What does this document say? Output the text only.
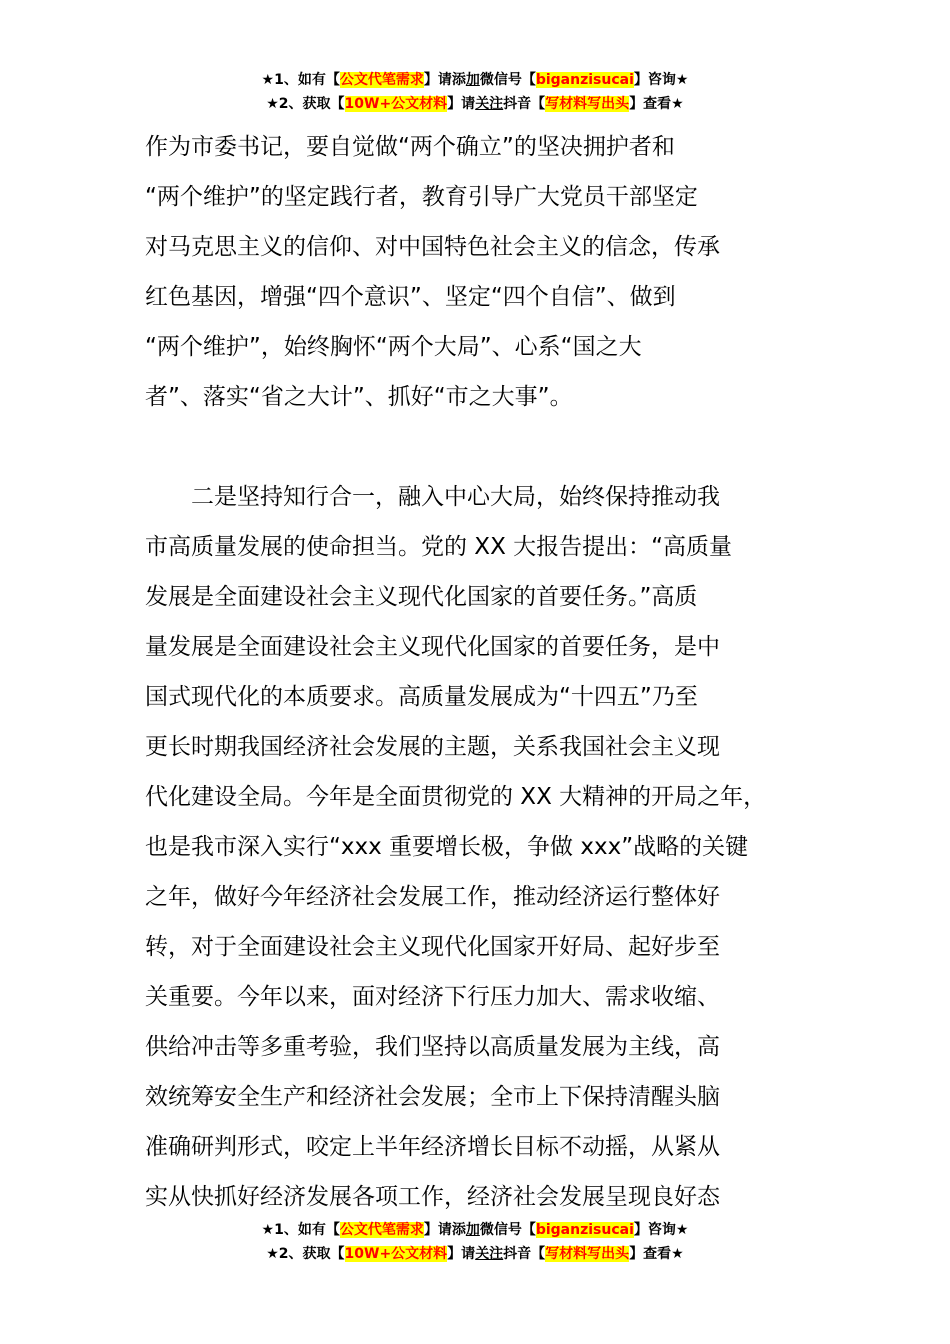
★1、如有【公文代笔需求】请添加微信号【biganzisucai】咨询★
★2、获取【10W+公文材料】请关注抖音【写材料写出头】查看★
作为市委书记，要自觉做“两个确立”的坚决拥护者和
“两个维护”的坚定践行者，教育引导广大党员干部坚定
对马克思主义的信仰、对中国特色社会主义的信念，传承
红色基因，增强“四个意识”、坚定“四个自信”、做到
“两个维护”，始终胸怀“两个大局”、心系“国之大
者”、落实“省之大计”、抓好“市之大事”。
　　二是坚持知行合一，融入中心大局，始终保持推动我
市高质量发展的使命担当。党的 XX 大报告提出：“高质量
发展是全面建设社会主义现代化国家的首要任务。”高质
量发展是全面建设社会主义现代化国家的首要任务，是中
国式现代化的本质要求。高质量发展成为“十四五”乃至
更长时期我国经济社会发展的主题，关系我国社会主义现
代化建设全局。今年是全面贯彻党的 XX 大精神的开局之年，
也是我市深入实行“xxx 重要增长极，争做 xxx”战略的关键
之年，做好今年经济社会发展工作，推动经济运行整体好
转，对于全面建设社会主义现代化国家开好局、起好步至
关重要。今年以来，面对经济下行压力加大、需求收缩、
供给冲击等多重考验，我们坚持以高质量发展为主线，高
效统筹安全生产和经济社会发展；全市上下保持清醒头脑
准确研判形式，咬定上半年经济增长目标不动摇，从紧从
实从快抓好经济发展各项工作，经济社会发展呈现良好态
★1、如有【公文代笔需求】请添加微信号【biganzisucai】咨询★
★2、获取【10W+公文材料】请关注抖音【写材料写出头】查看★
